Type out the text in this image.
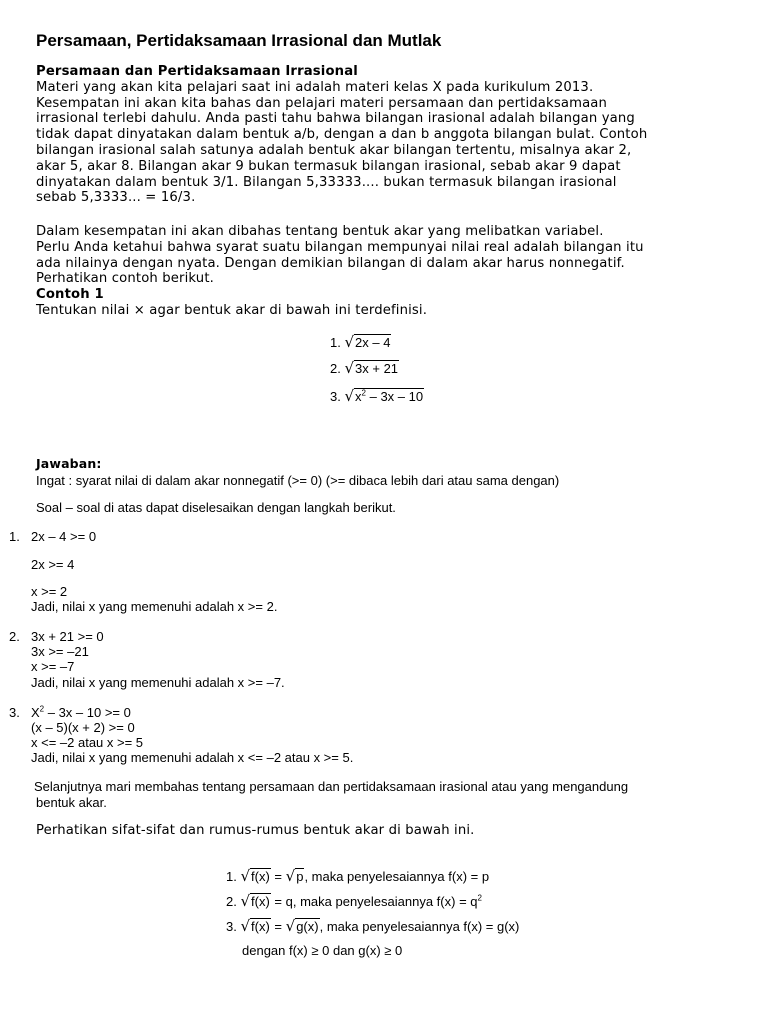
Persamaan, Pertidaksamaan Irrasional dan Mutlak
Persamaan dan Pertidaksamaan Irrasional
Materi yang akan kita pelajari saat ini adalah materi kelas X pada kurikulum 2013.
Kesempatan ini akan kita bahas dan pelajari materi persamaan dan pertidaksamaan
irrasional terlebi dahulu. Anda pasti tahu bahwa bilangan irasional adalah bilangan yang
tidak dapat dinyatakan dalam bentuk a/b, dengan a dan b anggota bilangan bulat. Contoh
bilangan irasional salah satunya adalah bentuk akar bilangan tertentu, misalnya akar 2,
akar 5, akar 8. Bilangan akar 9 bukan termasuk bilangan irasional, sebab akar 9 dapat
dinyatakan dalam bentuk 3/1. Bilangan 5,33333.... bukan termasuk bilangan irasional
sebab 5,3333... = 16/3.
Dalam kesempatan ini akan dibahas tentang bentuk akar yang melibatkan variabel.
Perlu Anda ketahui bahwa syarat suatu bilangan mempunyai nilai real adalah bilangan itu
ada nilainya dengan nyata. Dengan demikian bilangan di dalam akar harus nonnegatif.
Perhatikan contoh berikut.
Contoh 1
Tentukan nilai × agar bentuk akar di bawah ini terdefinisi.
1. √2x – 4
2. √3x + 21
3. $√x^2 - 3x - 10$
Jawaban:
Ingat : syarat nilai di dalam akar nonnegatif (>= 0) (>= dibaca lebih dari atau sama dengan)
Soal – soal di atas dapat diselesaikan dengan langkah berikut.
1. 2x – 4 >= 0
2x >= 4
x >= 2
Jadi, nilai x yang memenuhi adalah x >= 2.
2. 3x + 21 >= 0
3x >= –21
x >= –7
Jadi, nilai x yang memenuhi adalah x >= –7.
3. $X^2 - 3x - 10 >= 0$
(x – 5)(x + 2) >= 0
x <= –2 atau x >= 5
Jadi, nilai x yang memenuhi adalah x <= –2 atau x >= 5.
Selanjutnya mari membahas tentang persamaan dan pertidaksamaan irasional atau yang mengandung
bentuk akar.
Perhatikan sifat-sifat dan rumus-rumus bentuk akar di bawah ini.
1. √f(x) = √p, maka penyelesaiannya f(x) = p
2. √f(x) = q, maka penyelesaiannya $f(x) = q^2$
3. √f(x) = √g(x), maka penyelesaiannya f(x) = g(x)
dengan f(x) ≥ 0 dan g(x) ≥ 0
